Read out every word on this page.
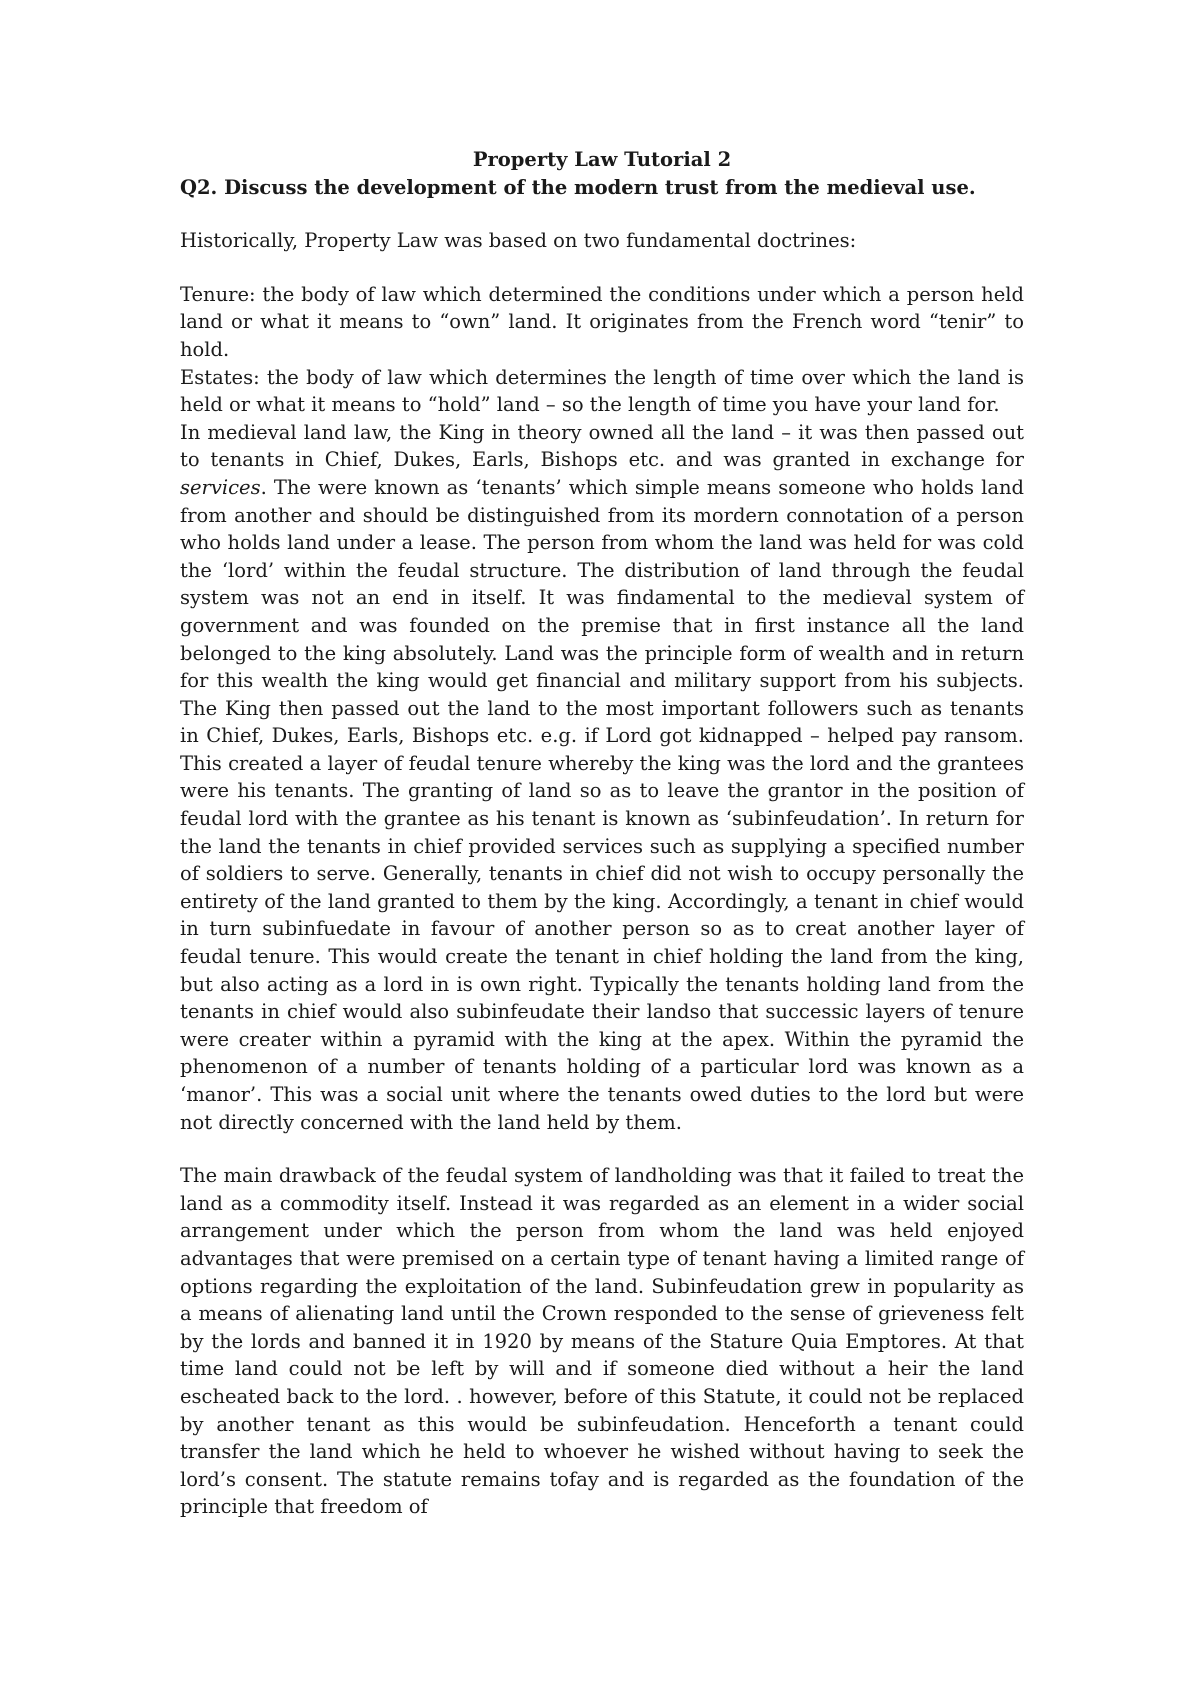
Property Law Tutorial 2

Q2. Discuss the development of the modern trust from the medieval use.

Historically, Property Law was based on two fundamental doctrines:

Tenure: the body of law which determined the conditions under which a person held land or what it means to “own” land. It originates from the French word “tenir” to hold.

Estates: the body of law which determines the length of time over which the land is held or what it means to “hold” land – so the length of time you have your land for.

In medieval land law, the King in theory owned all the land – it was then passed out to tenants in Chief, Dukes, Earls, Bishops etc. and was granted in exchange for services. The were known as ‘tenants’ which simple means someone who holds land from another and should be distinguished from its mordern connotation of a person who holds land under a lease. The person from whom the land was held for was cold the ‘lord’ within the feudal structure. The distribution of land through the feudal system was not an end in itself. It was findamental to the medieval system of government and was founded on the premise that in first instance all the land belonged to the king absolutely. Land was the principle form of wealth and in return for this wealth the king would get financial and military support from his subjects. The King then passed out the land to the most important followers such as tenants in Chief, Dukes, Earls, Bishops etc. e.g. if Lord got kidnapped – helped pay ransom. This created a layer of feudal tenure whereby the king was the lord and the grantees were his tenants. The granting of land so as to leave the grantor in the position of feudal lord with the grantee as his tenant is known as ‘subinfeudation’. In return for the land the tenants in chief provided services such as supplying a specified number of soldiers to serve. Generally, tenants in chief did not wish to occupy personally the entirety of the land granted to them by the king. Accordingly, a tenant in chief would in turn subinfuedate in favour of another person so as to creat another layer of feudal tenure. This would create the tenant in chief holding the land from the king, but also acting as a lord in is own right. Typically the tenants holding land from the tenants in chief would also subinfeudate their landso that successic layers of tenure were creater within a pyramid with the king at the apex. Within the pyramid the phenomenon of a number of tenants holding of a particular lord was known as a ‘manor’. This was a social unit where the tenants owed duties to the lord but were not directly concerned with the land held by them.

The main drawback of the feudal system of landholding was that it failed to treat the land as a commodity itself. Instead it was regarded as an element in a wider social arrangement under which the person from whom the land was held enjoyed advantages that were premised on a certain type of tenant having a limited range of options regarding the exploitation of the land. Subinfeudation grew in popularity as a means of alienating land until the Crown responded to the sense of grieveness felt by the lords and banned it in 1920 by means of the Stature Quia Emptores. At that time land could not be left by will and if someone died without a heir the land escheated back to the lord. . however, before of this Statute, it could not be replaced by another tenant as this would be subinfeudation. Henceforth a tenant could transfer the land which he held to whoever he wished without having to seek the lord’s consent. The statute remains tofay and is regarded as the foundation of the principle that freedom of
